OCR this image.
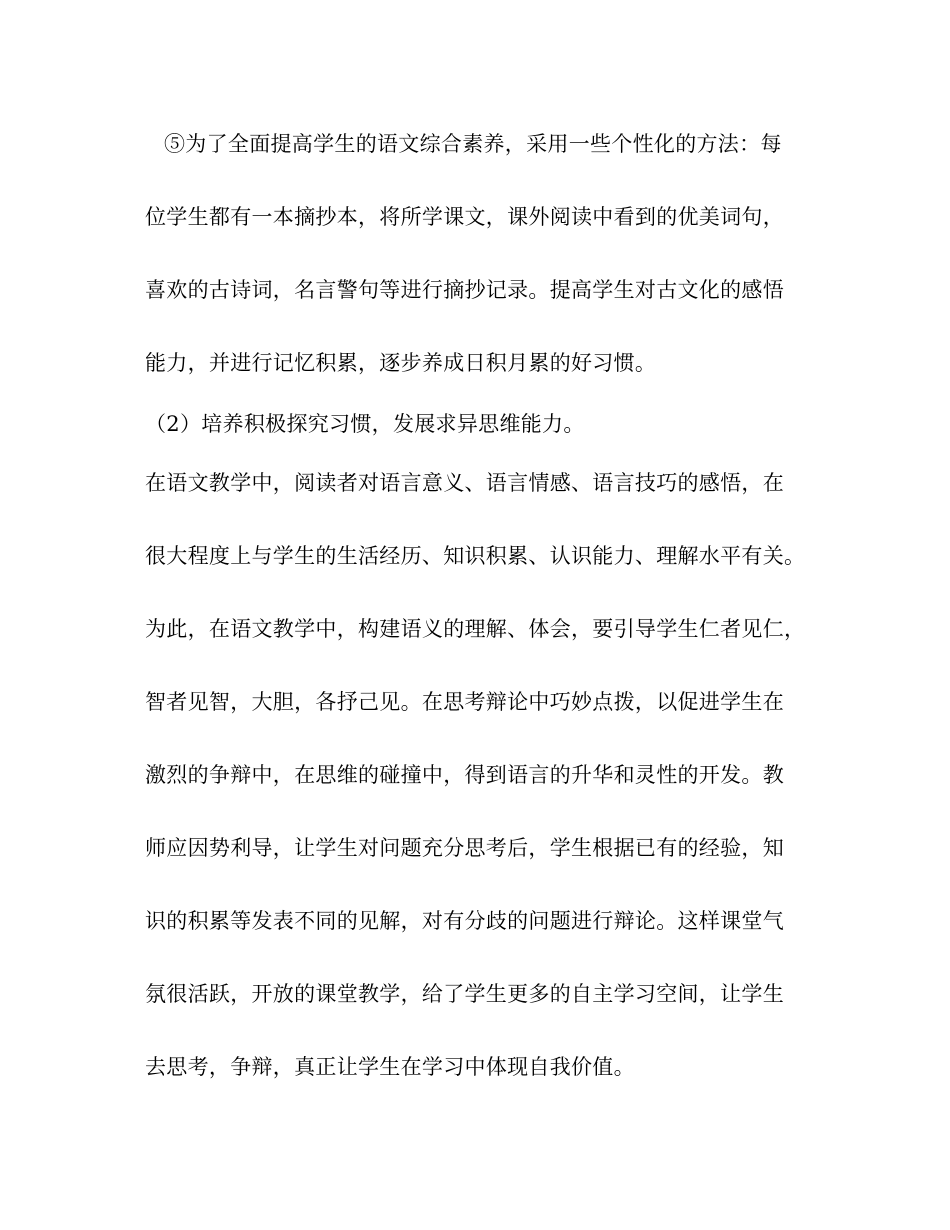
⑤为了全面提高学生的语文综合素养，采用一些个性化的方法：每
位学生都有一本摘抄本，将所学课文，课外阅读中看到的优美词句，
喜欢的古诗词，名言警句等进行摘抄记录。提高学生对古文化的感悟
能力，并进行记忆积累，逐步养成日积月累的好习惯。
（2）培养积极探究习惯，发展求异思维能力。
在语文教学中，阅读者对语言意义、语言情感、语言技巧的感悟，在
很大程度上与学生的生活经历、知识积累、认识能力、理解水平有关。
为此，在语文教学中，构建语义的理解、体会，要引导学生仁者见仁，
智者见智，大胆，各抒己见。在思考辩论中巧妙点拨，以促进学生在
激烈的争辩中，在思维的碰撞中，得到语言的升华和灵性的开发。教
师应因势利导，让学生对问题充分思考后，学生根据已有的经验，知
识的积累等发表不同的见解，对有分歧的问题进行辩论。这样课堂气
氛很活跃，开放的课堂教学，给了学生更多的自主学习空间，让学生
去思考，争辩，真正让学生在学习中体现自我价值。
